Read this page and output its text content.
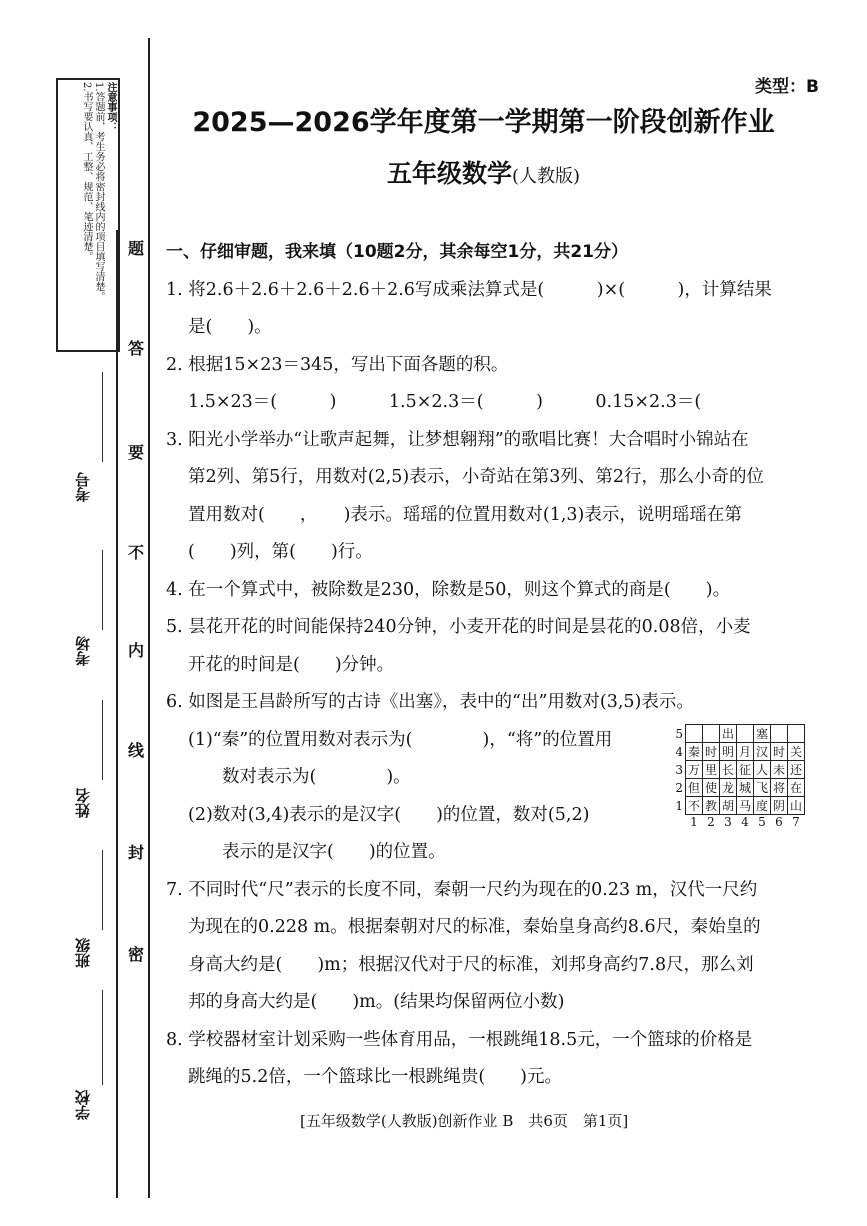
注意事项：
1.答题前，考生务必将密封线内的项目填写清楚。
2.书写要认真、工整、规范、笔迹清楚。	题
答
要
不
内
线
封
密
考号
考场
姓名
班级
学校
类型：B
2025—2026学年度第一学期第一阶段创新作业
五年级数学(人教版)
一、仔细审题，我来填（10题2分，其余每空1分，共21分）
1. 将2.6＋2.6＋2.6＋2.6＋2.6写成乘法算式是(　　　)×(　　　)，计算结果
是(　　)。
2. 根据15×23＝345，写出下面各题的积。
1.5×23＝(　　　)　　　1.5×2.3＝(　　　)　　　0.15×2.3＝(
3. 阳光小学举办“让歌声起舞，让梦想翱翔”的歌唱比赛！大合唱时小锦站在
第2列、第5行，用数对(2,5)表示，小奇站在第3列、第2行，那么小奇的位
置用数对(　　，　　)表示。瑶瑶的位置用数对(1,3)表示，说明瑶瑶在第
(　　)列，第(　　)行。
4. 在一个算式中，被除数是230，除数是50，则这个算式的商是(　　)。
5. 昙花开花的时间能保持240分钟，小麦开花的时间是昙花的0.08倍，小麦
开花的时间是(　　)分钟。
6. 如图是王昌龄所写的古诗《出塞》，表中的“出”用数对(3,5)表示。
(1)“秦”的位置用数对表示为(　　　　)，“将”的位置用
数对表示为(　　　　)。
(2)数对(3,4)表示的是汉字(　　)的位置，数对(5,2)
表示的是汉字(　　)的位置。
7. 不同时代“尺”表示的长度不同，秦朝一尺约为现在的0.23 m，汉代一尺约
为现在的0.228 m。根据秦朝对尺的标准，秦始皇身高约8.6尺，秦始皇的
身高大约是(　　)m；根据汉代对于尺的标准，刘邦身高约7.8尺，那么刘
邦的身高大约是(　　)m。(结果均保留两位小数)
8. 学校器材室计划采购一些体育用品，一根跳绳18.5元，一个篮球的价格是
跳绳的5.2倍，一个篮球比一根跳绳贵(　　)元。
5			出		塞		
4	秦	时	明	月	汉	时	关
3	万	里	长	征	人	未	还
2	但	使	龙	城	飞	将	在
1	不	教	胡	马	度	阴	山
	1	2	3	4	5	6	7
[五年级数学(人教版)创新作业 B　共6页　第1页]
